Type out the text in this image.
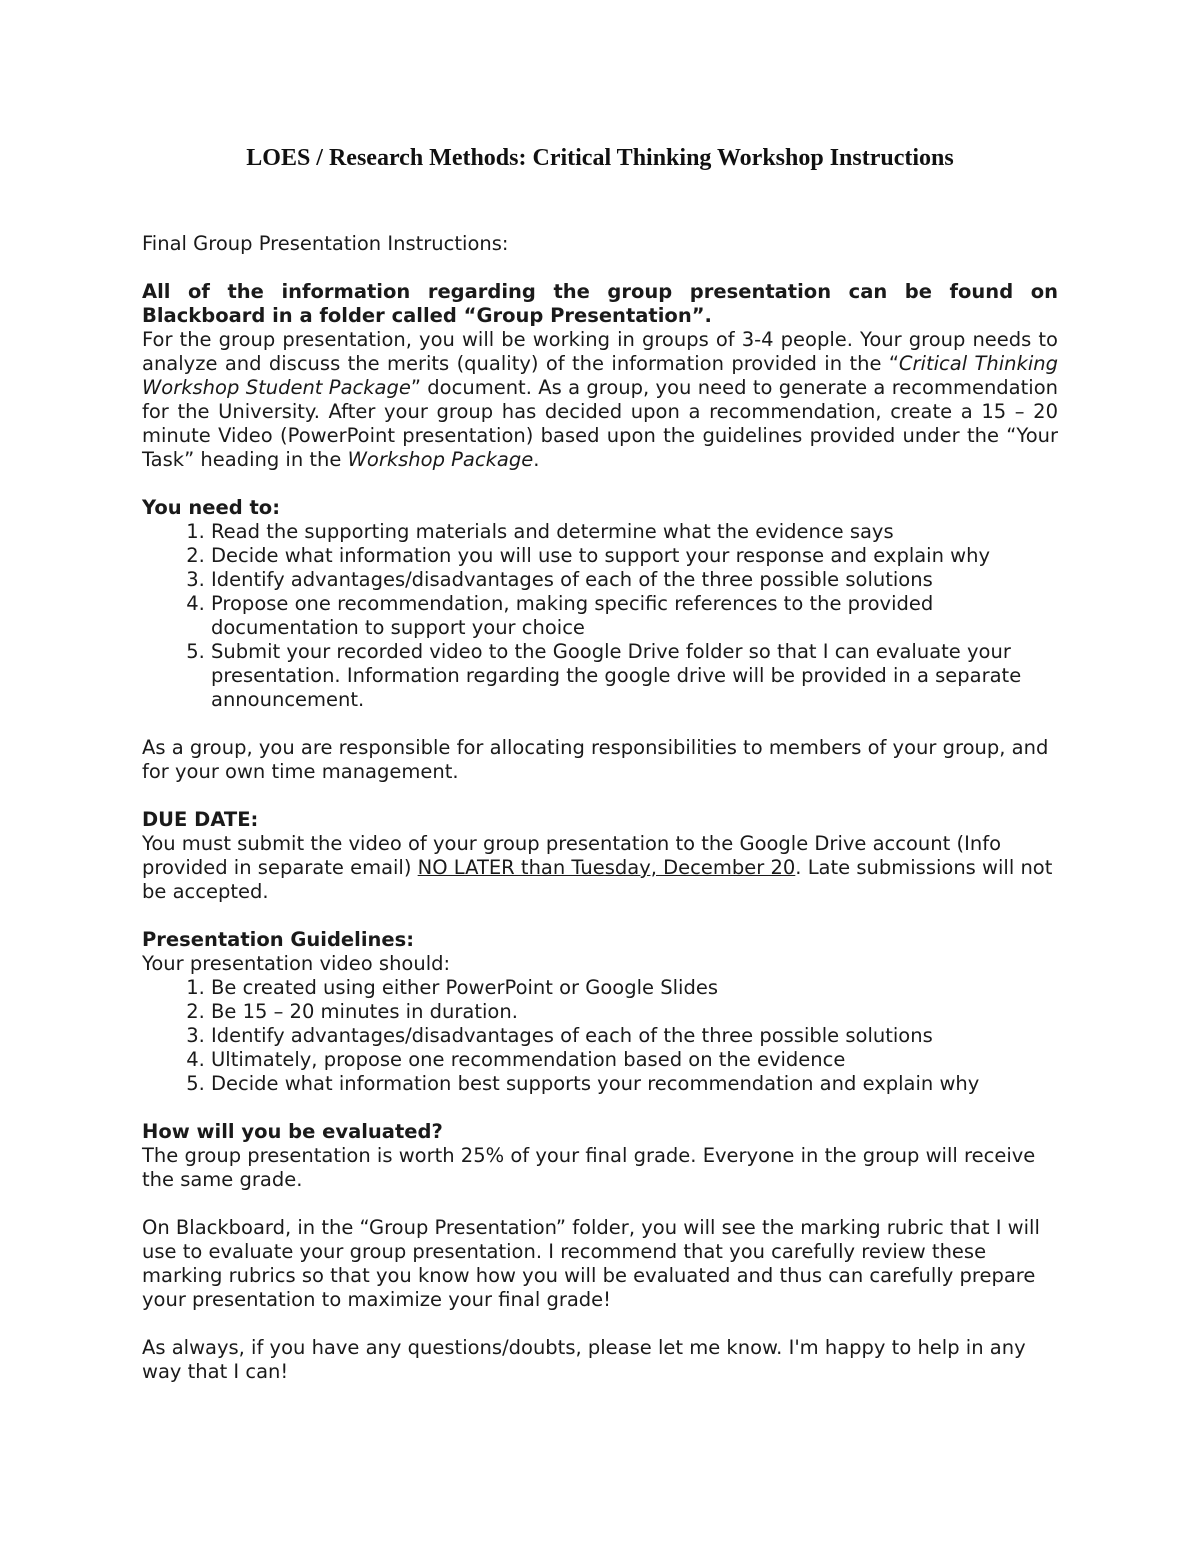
LOES / Research Methods: Critical Thinking Workshop Instructions

Final Group Presentation Instructions:

All of the information regarding the group presentation can be found on

Blackboard in a folder called “Group Presentation”.

For the group presentation, you will be working in groups of 3-4 people. Your group needs to analyze and discuss the merits (quality) of the information provided in the “Critical Thinking Workshop Student Package” document. As a group, you need to generate a recommendation for the University. After your group has decided upon a recommendation, create a 15 – 20 minute Video (PowerPoint presentation) based upon the guidelines provided under the “Your Task” heading in the Workshop Package.

You need to:

1. Read the supporting materials and determine what the evidence says
2. Decide what information you will use to support your response and explain why
3. Identify advantages/disadvantages of each of the three possible solutions
4. Propose one recommendation, making specific references to the provided documentation to support your choice
5. Submit your recorded video to the Google Drive folder so that I can evaluate your presentation. Information regarding the google drive will be provided in a separate announcement.

As a group, you are responsible for allocating responsibilities to members of your group, and for your own time management.

DUE DATE:

You must submit the video of your group presentation to the Google Drive account (Info provided in separate email) NO LATER than Tuesday, December 20. Late submissions will not be accepted.

Presentation Guidelines:

Your presentation video should:

1. Be created using either PowerPoint or Google Slides
2. Be 15 – 20 minutes in duration.
3. Identify advantages/disadvantages of each of the three possible solutions
4. Ultimately, propose one recommendation based on the evidence
5. Decide what information best supports your recommendation and explain why

How will you be evaluated?

The group presentation is worth 25% of your final grade. Everyone in the group will receive the same grade.

On Blackboard, in the “Group Presentation” folder, you will see the marking rubric that I will use to evaluate your group presentation. I recommend that you carefully review these marking rubrics so that you know how you will be evaluated and thus can carefully prepare your presentation to maximize your final grade!

As always, if you have any questions/doubts, please let me know. I'm happy to help in any way that I can!
